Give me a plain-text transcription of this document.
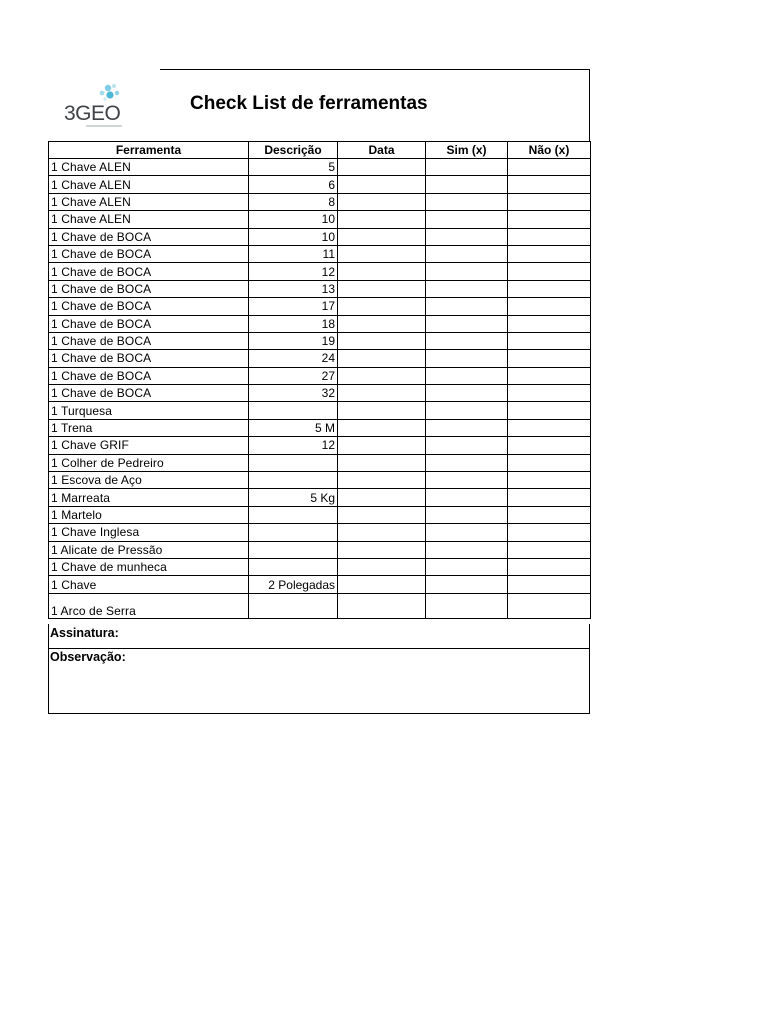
3GEO	Check List de ferramentas
Ferramenta	Descrição	Data	Sim (x)	Não (x)
1 Chave ALEN	5			
1 Chave ALEN	6			
1 Chave ALEN	8			
1 Chave ALEN	10			
1 Chave de BOCA	10			
1 Chave de BOCA	11			
1 Chave de BOCA	12			
1 Chave de BOCA	13			
1 Chave de BOCA	17			
1 Chave de BOCA	18			
1 Chave de BOCA	19			
1 Chave de BOCA	24			
1 Chave de BOCA	27			
1 Chave de BOCA	32			
1 Turquesa				
1 Trena	5 M			
1 Chave GRIF	12			
1 Colher de Pedreiro				
1 Escova de Aço				
1 Marreata	5 Kg			
1 Martelo				
1 Chave Inglesa				
1 Alicate de Pressão				
1 Chave de munheca				
1 Chave	2 Polegadas			
1 Arco de Serra				
Assinatura:
Observação:
